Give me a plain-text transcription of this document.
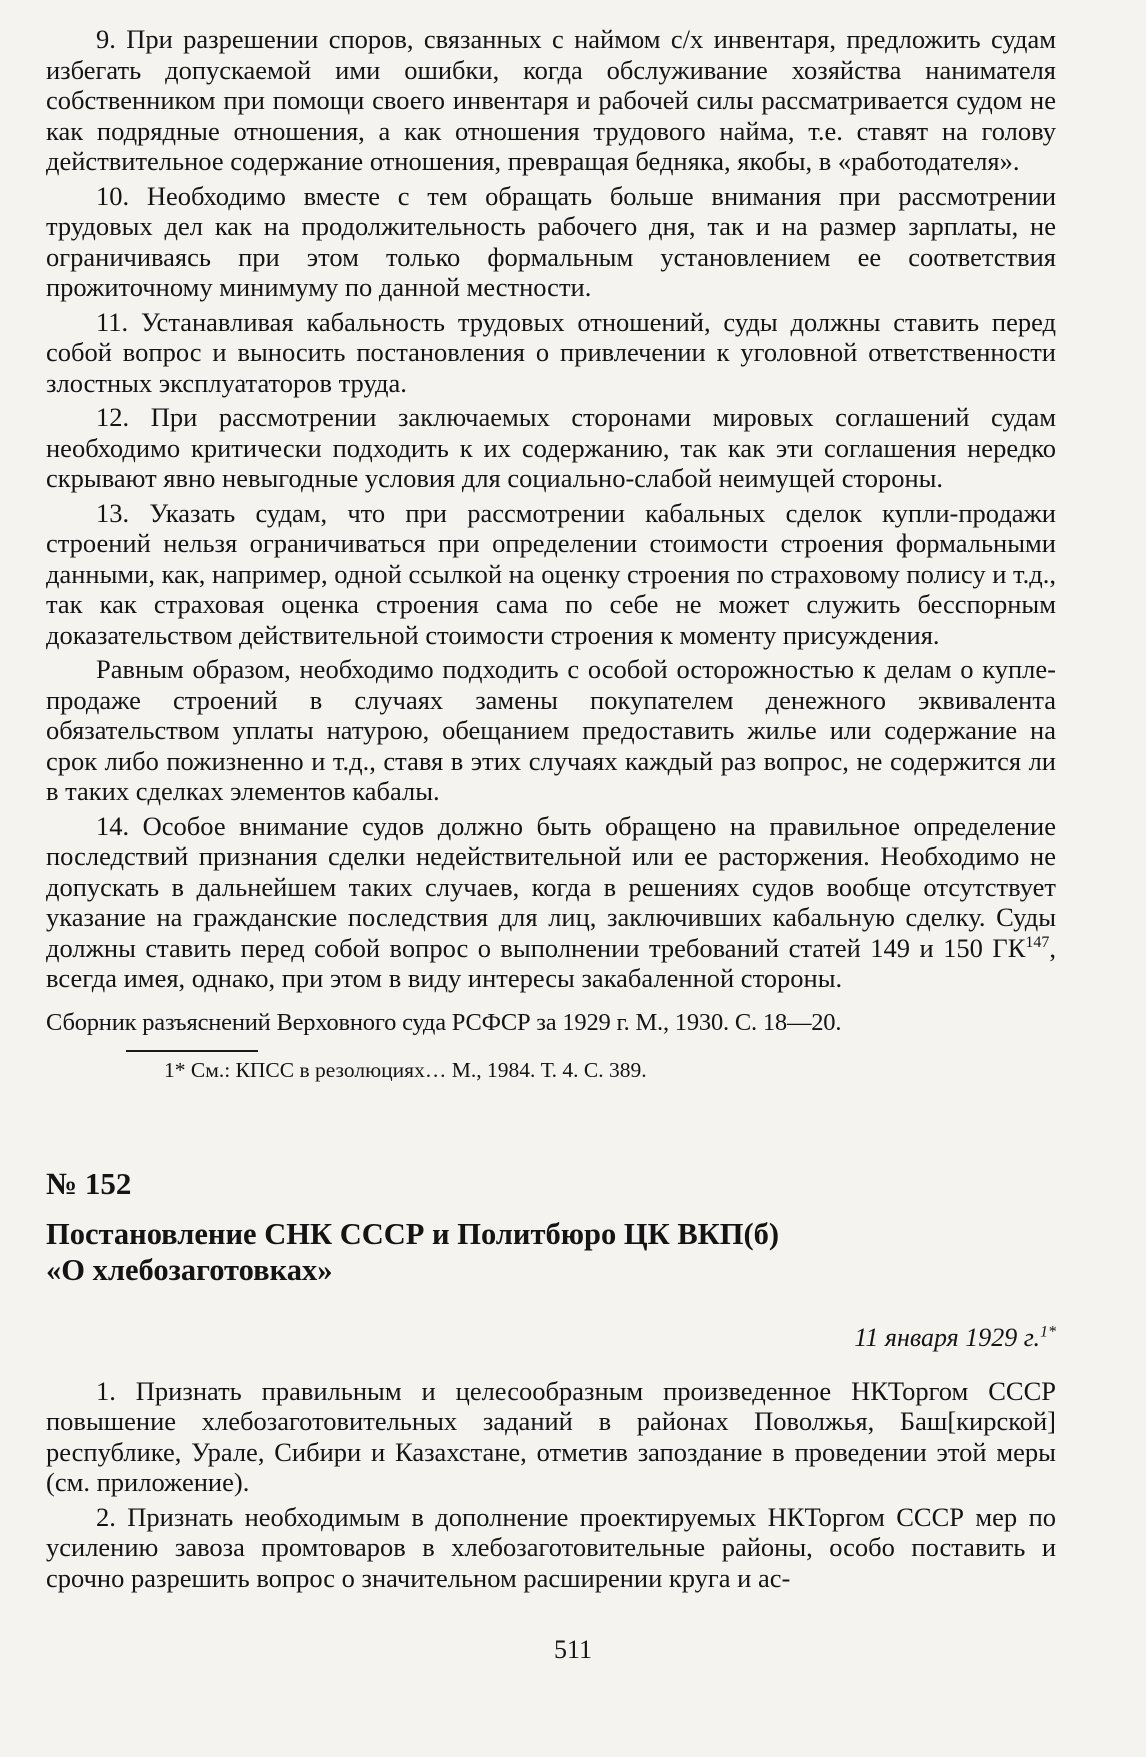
9. При разрешении споров, связанных с наймом с/х инвентаря, предложить судам избегать допускаемой ими ошибки, когда обслуживание хозяйства нанимателя собственником при помощи своего инвентаря и рабочей силы рассматривается судом не как подрядные отношения, а как отношения трудового найма, т.е. ставят на голову действительное содержание отношения, превращая бедняка, якобы, в «работодателя».

10. Необходимо вместе с тем обращать больше внимания при рассмотрении трудовых дел как на продолжительность рабочего дня, так и на размер зарплаты, не ограничиваясь при этом только формальным установлением ее соответствия прожиточному минимуму по данной местности.

11. Устанавливая кабальность трудовых отношений, суды должны ставить перед собой вопрос и выносить постановления о привлечении к уголовной ответственности злостных эксплуататоров труда.

12. При рассмотрении заключаемых сторонами мировых соглашений судам необходимо критически подходить к их содержанию, так как эти соглашения нередко скрывают явно невыгодные условия для социально-слабой неимущей стороны.

13. Указать судам, что при рассмотрении кабальных сделок купли-продажи строений нельзя ограничиваться при определении стоимости строения формальными данными, как, например, одной ссылкой на оценку строения по страховому полису и т.д., так как страховая оценка строения сама по себе не может служить бесспорным доказательством действительной стоимости строения к моменту присуждения.

Равным образом, необходимо подходить с особой осторожностью к делам о купле-продаже строений в случаях замены покупателем денежного эквивалента обязательством уплаты натурою, обещанием предоставить жилье или содержание на срок либо пожизненно и т.д., ставя в этих случаях каждый раз вопрос, не содержится ли в таких сделках элементов кабалы.

14. Особое внимание судов должно быть обращено на правильное определение последствий признания сделки недействительной или ее расторжения. Необходимо не допускать в дальнейшем таких случаев, когда в решениях судов вообще отсутствует указание на гражданские последствия для лиц, заключивших кабальную сделку. Суды должны ставить перед собой вопрос о выполнении требований статей 149 и 150 ГК$^{147}$, всегда имея, однако, при этом в виду интересы закабаленной стороны.

Сборник разъяснений Верховного суда РСФСР за 1929 г. М., 1930. С. 18—20.
1* См.: КПСС в резолюциях… М., 1984. Т. 4. С. 389.
№ 152
Постановление СНК СССР и Политбюро ЦК ВКП(б)
«О хлебозаготовках»
11 января 1929 г.$^{1*}$

1. Признать правильным и целесообразным произведенное НКТоргом СССР повышение хлебозаготовительных заданий в районах Поволжья, Баш[кирской] республике, Урале, Сибири и Казахстане, отметив запоздание в проведении этой меры (см. приложение).

2. Признать необходимым в дополнение проектируемых НКТоргом СССР мер по усилению завоза промтоваров в хлебозаготовительные районы, особо поставить и срочно разрешить вопрос о значительном расширении круга и ас-

511
